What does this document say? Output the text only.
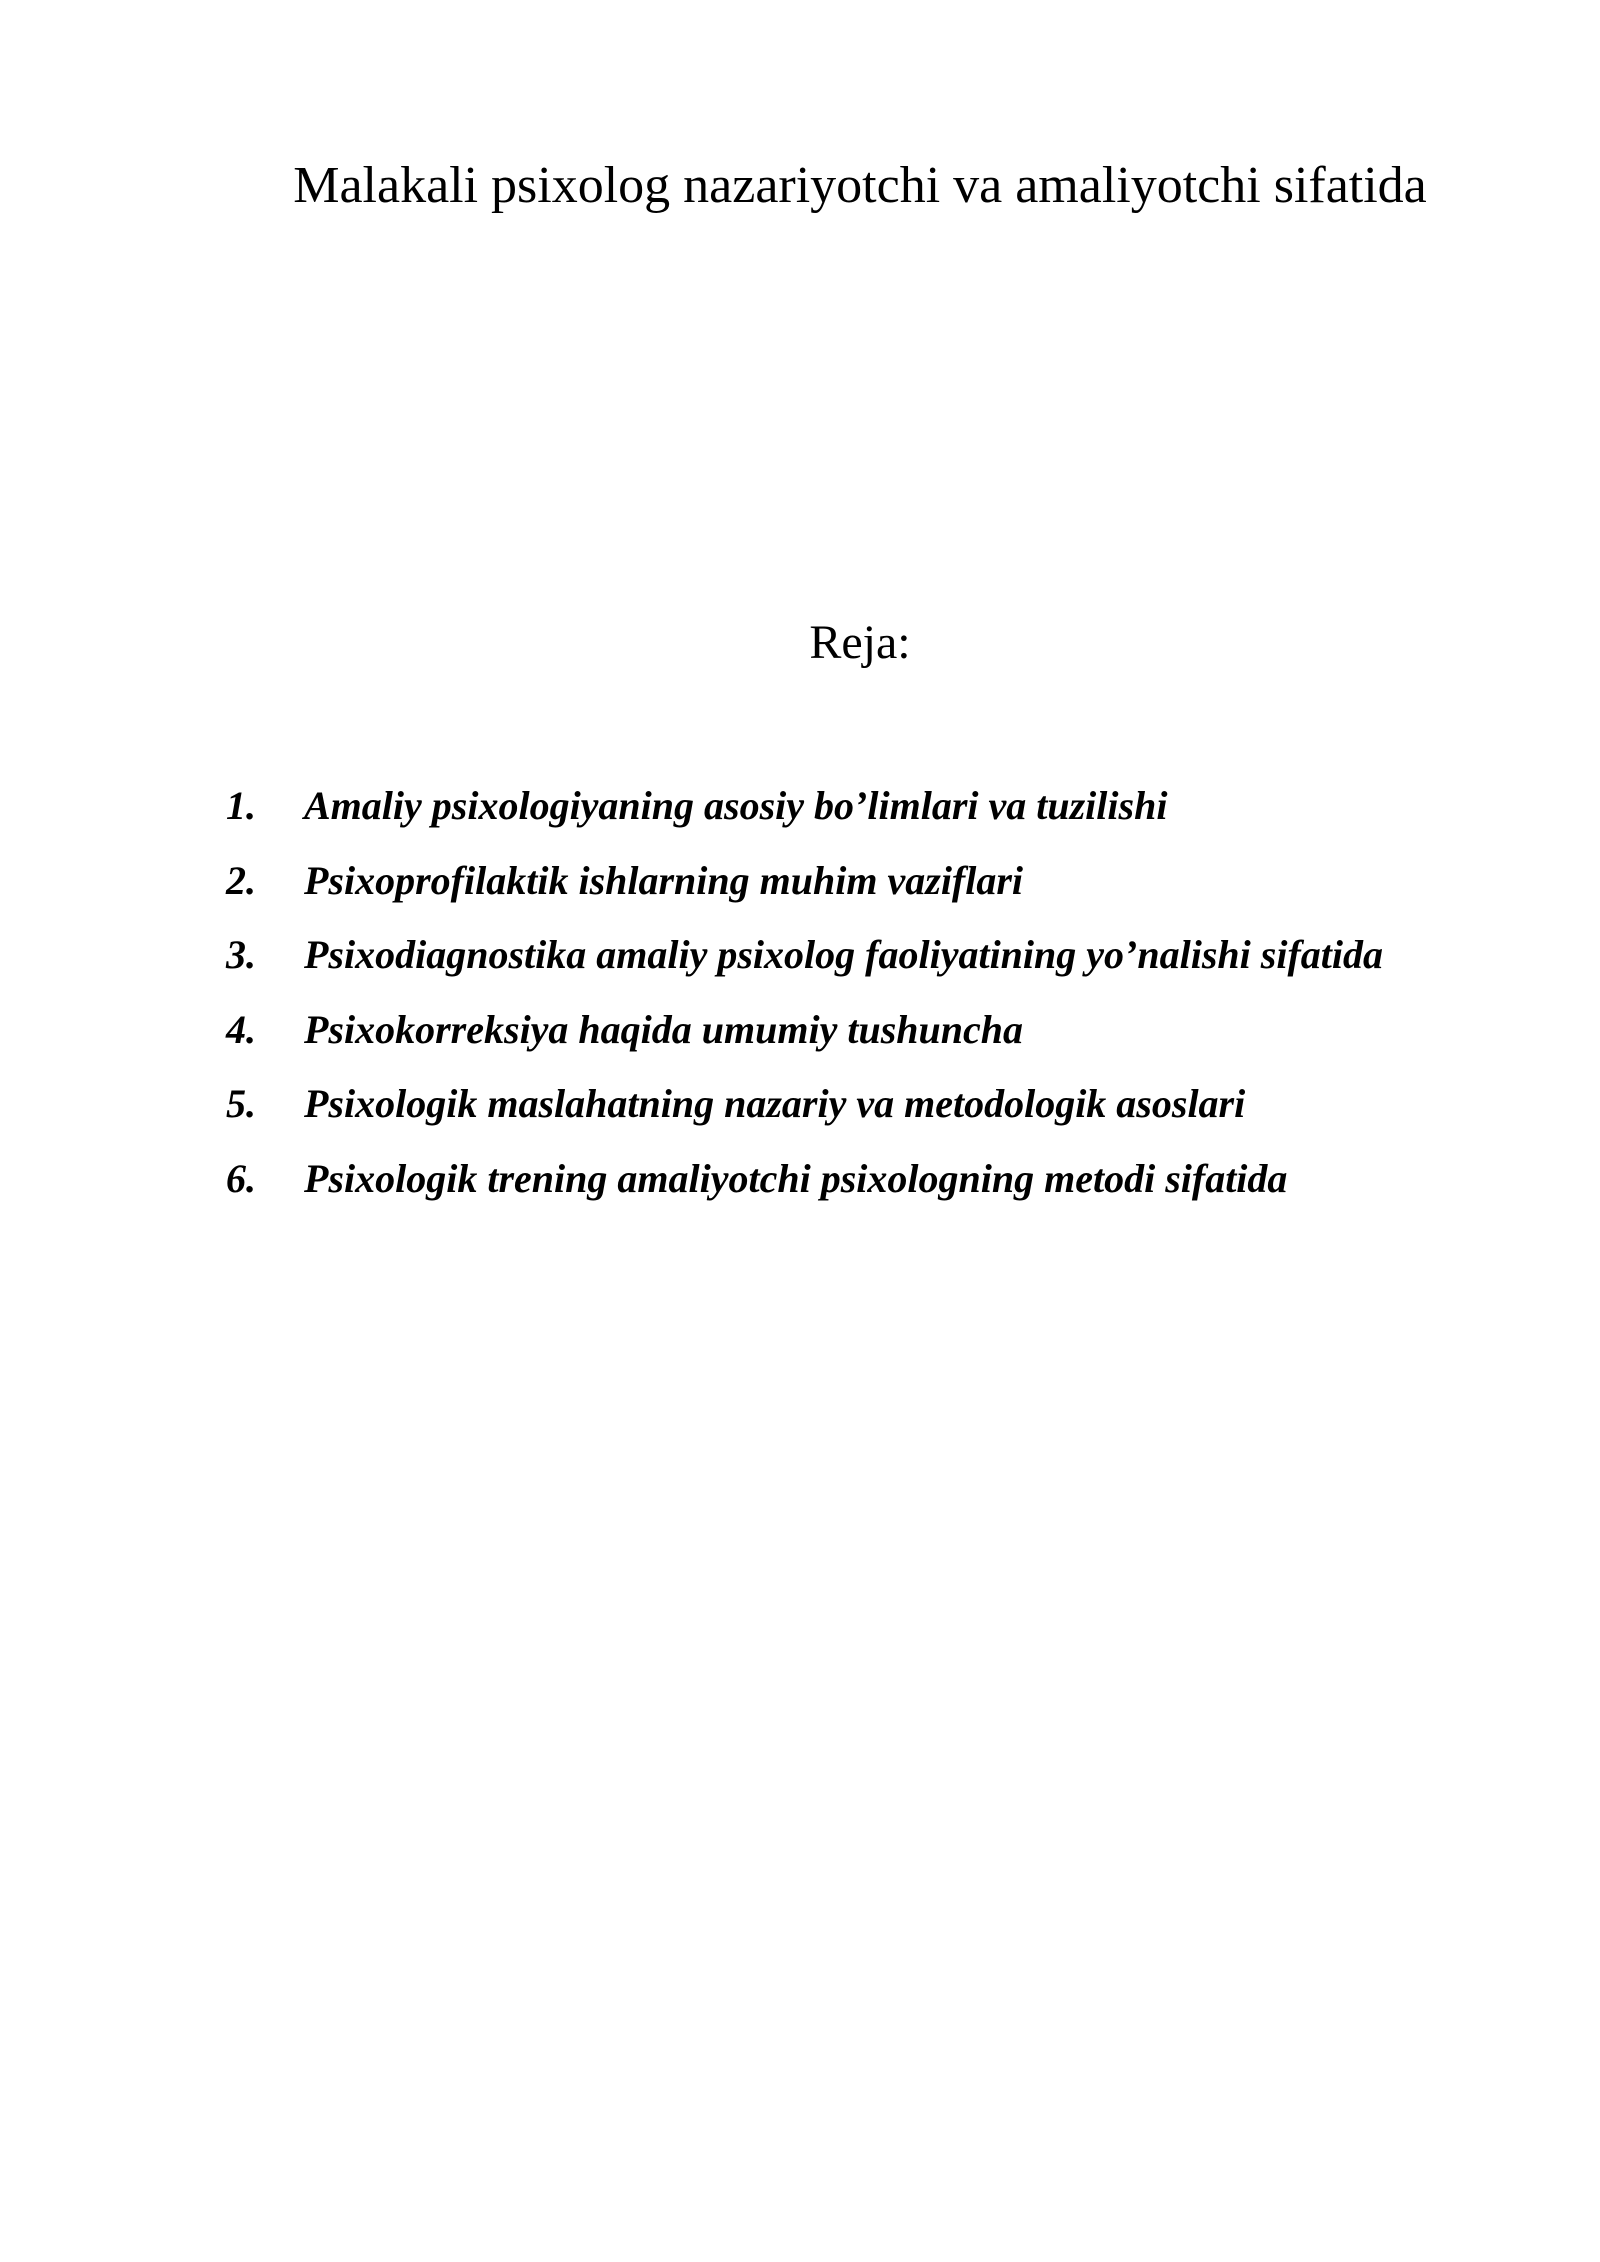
Malakali psixolog nazariyotchi va amaliyotchi sifatida

Reja:

1.	Amaliy psixologiyaning asosiy bo’limlari va tuzilishi
2.	Psixoprofilaktik ishlarning muhim vaziflari
3.	Psixodiagnostika amaliy psixolog faoliyatining yo’nalishi sifatida
4.	Psixokorreksiya haqida umumiy tushuncha
5.	Psixologik maslahatning nazariy va metodologik asoslari
6.	Psixologik trening amaliyotchi psixologning metodi sifatida
